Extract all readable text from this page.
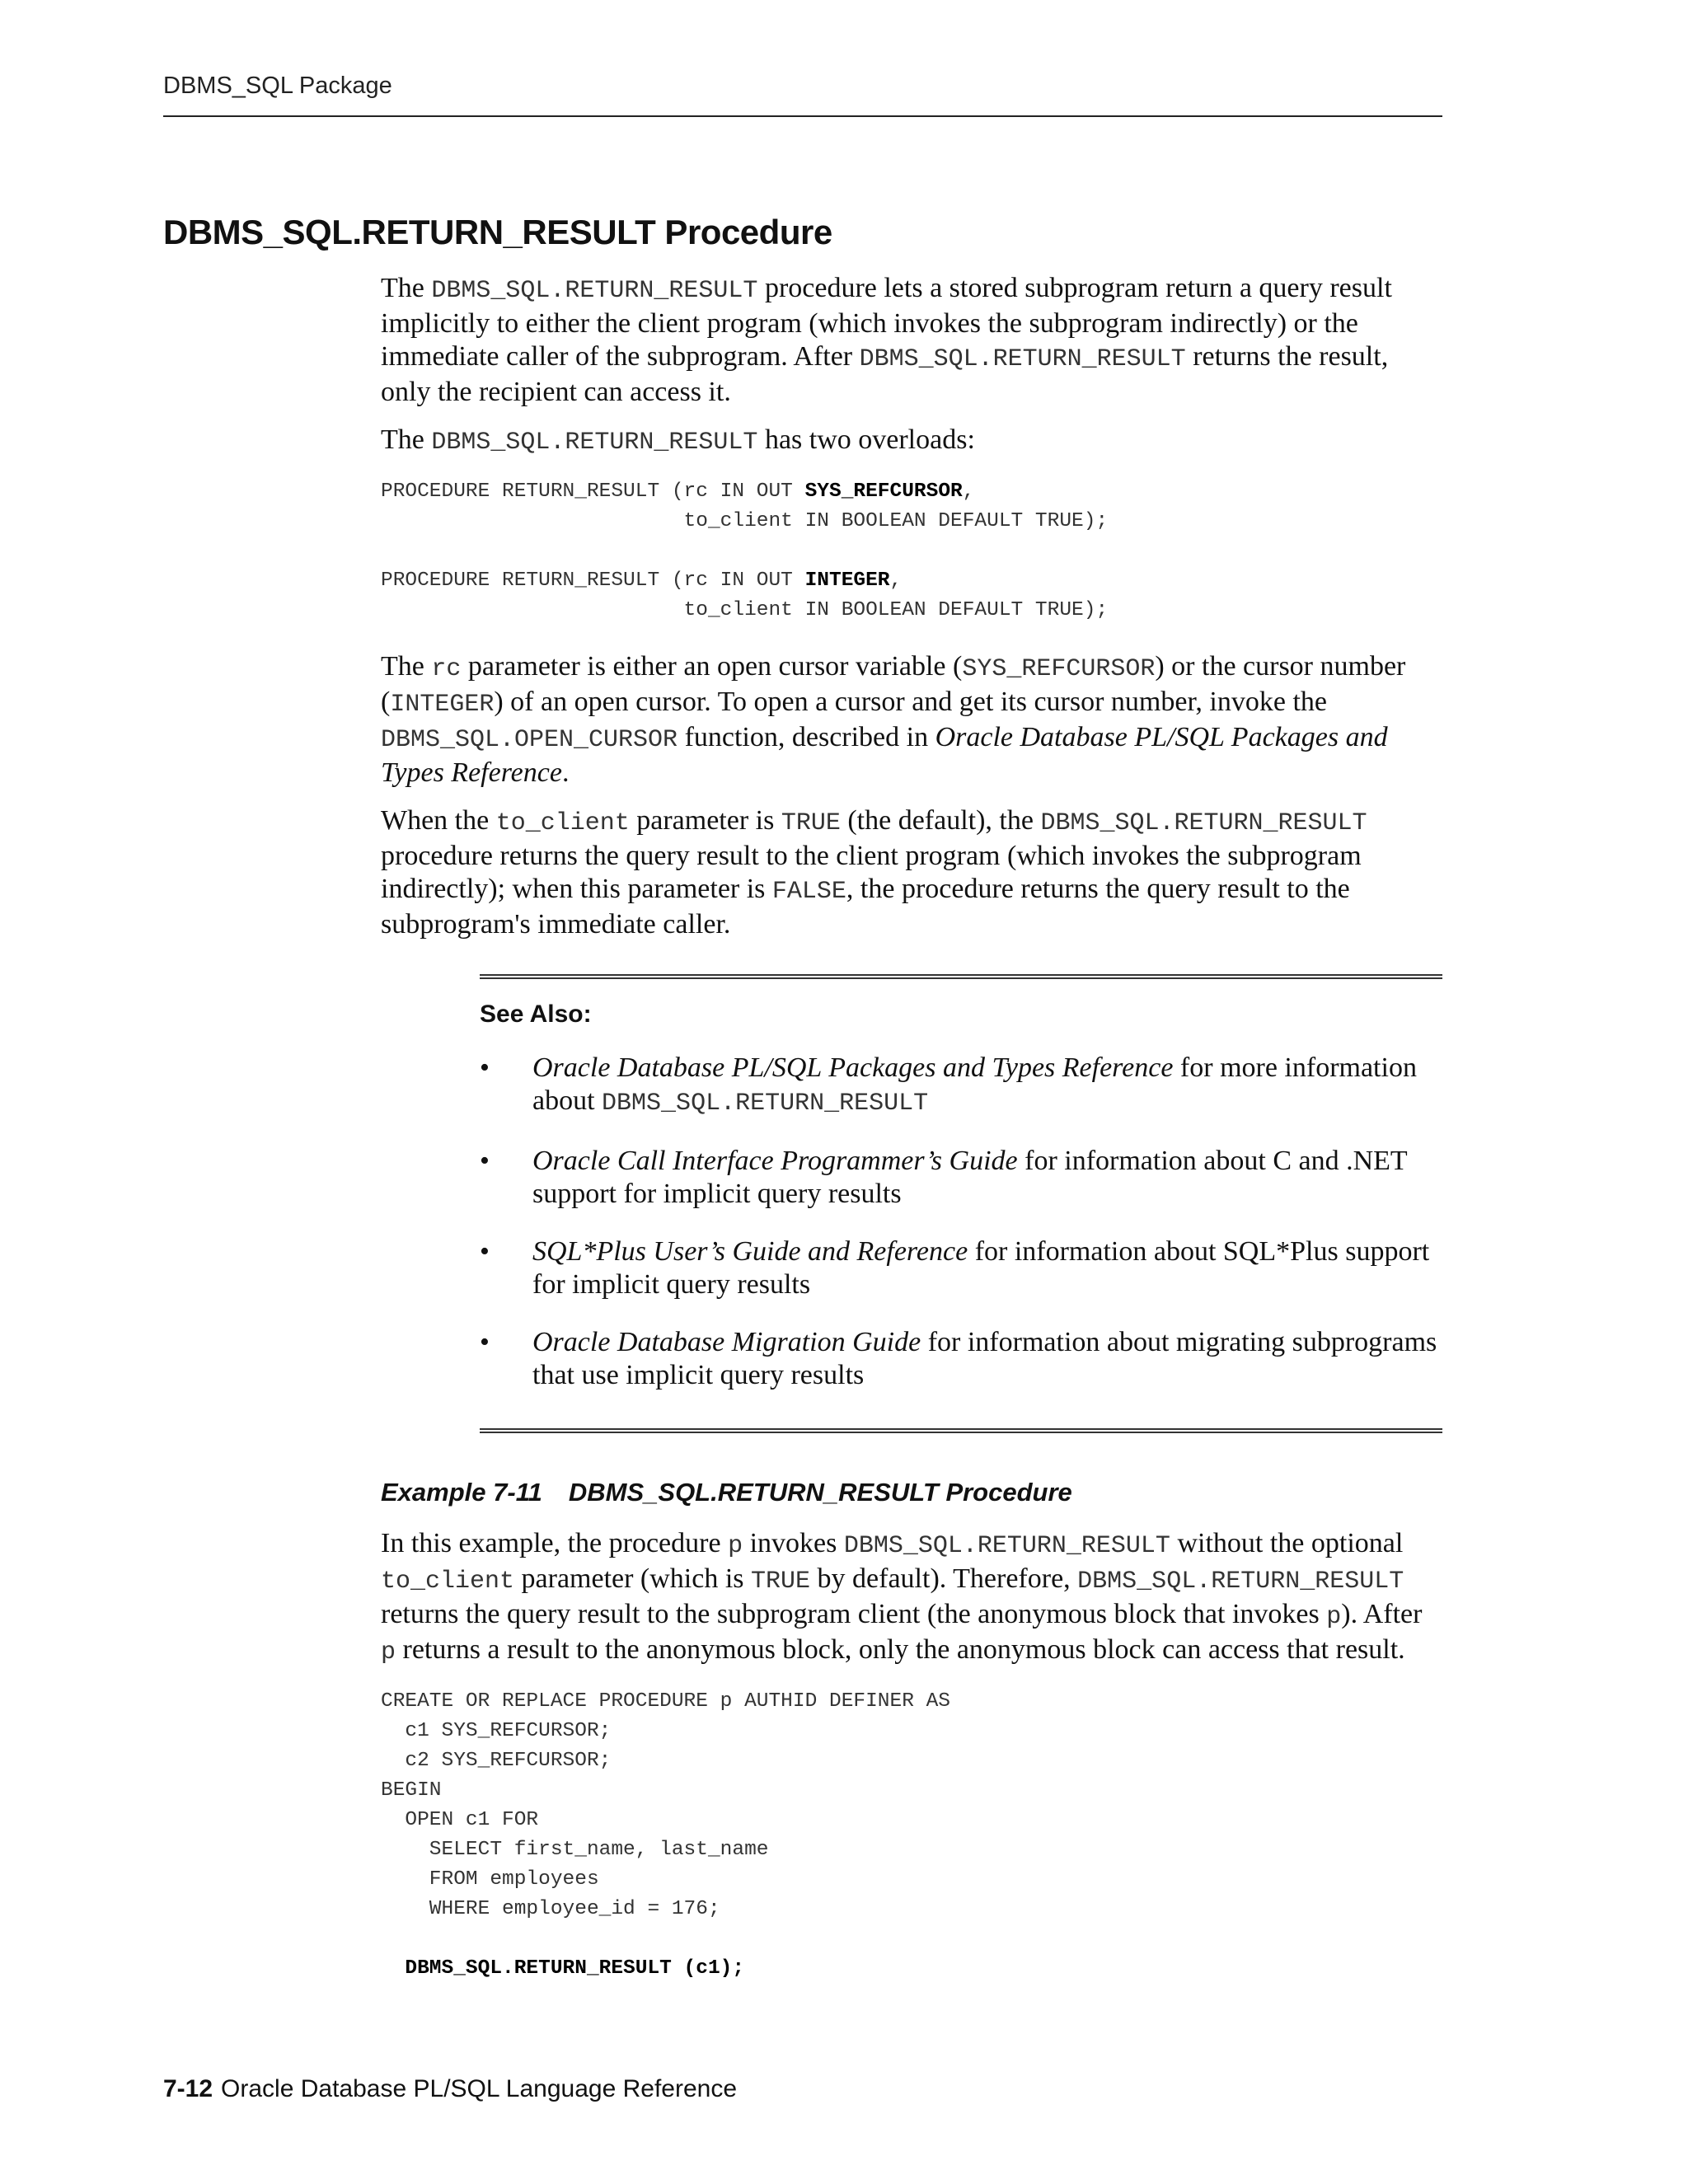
DBMS_SQL Package
DBMS_SQL.RETURN_RESULT Procedure

The DBMS_SQL.RETURN_RESULT procedure lets a stored subprogram return a query result implicitly to either the client program (which invokes the subprogram indirectly) or the immediate caller of the subprogram. After DBMS_SQL.RETURN_RESULT returns the result, only the recipient can access it.

The DBMS_SQL.RETURN_RESULT has two overloads:

PROCEDURE RETURN_RESULT (rc IN OUT SYS_REFCURSOR,
to_client IN BOOLEAN DEFAULT TRUE);

PROCEDURE RETURN_RESULT (rc IN OUT INTEGER,
to_client IN BOOLEAN DEFAULT TRUE);

The rc parameter is either an open cursor variable (SYS_REFCURSOR) or the cursor number (INTEGER) of an open cursor. To open a cursor and get its cursor number, invoke the DBMS_SQL.OPEN_CURSOR function, described in Oracle Database PL/SQL Packages and Types Reference.

When the to_client parameter is TRUE (the default), the DBMS_SQL.RETURN_RESULT procedure returns the query result to the client program (which invokes the subprogram indirectly); when this parameter is FALSE, the procedure returns the query result to the subprogram's immediate caller.

See Also:
• Oracle Database PL/SQL Packages and Types Reference for more information about DBMS_SQL.RETURN_RESULT
• Oracle Call Interface Programmer’s Guide for information about C and .NET support for implicit query results
• SQL*Plus User’s Guide and Reference for information about SQL*Plus support for implicit query results
• Oracle Database Migration Guide for information about migrating subprograms that use implicit query results
Example 7-11 DBMS_SQL.RETURN_RESULT Procedure

In this example, the procedure p invokes DBMS_SQL.RETURN_RESULT without the optional to_client parameter (which is TRUE by default). Therefore, DBMS_SQL.RETURN_RESULT returns the query result to the subprogram client (the anonymous block that invokes p). After p returns a result to the anonymous block, only the anonymous block can access that result.

CREATE OR REPLACE PROCEDURE p AUTHID DEFINER AS
c1 SYS_REFCURSOR;
c2 SYS_REFCURSOR;
BEGIN
OPEN c1 FOR
SELECT first_name, last_name
FROM employees
WHERE employee_id = 176;

DBMS_SQL.RETURN_RESULT (c1);
7-12 Oracle Database PL/SQL Language Reference
